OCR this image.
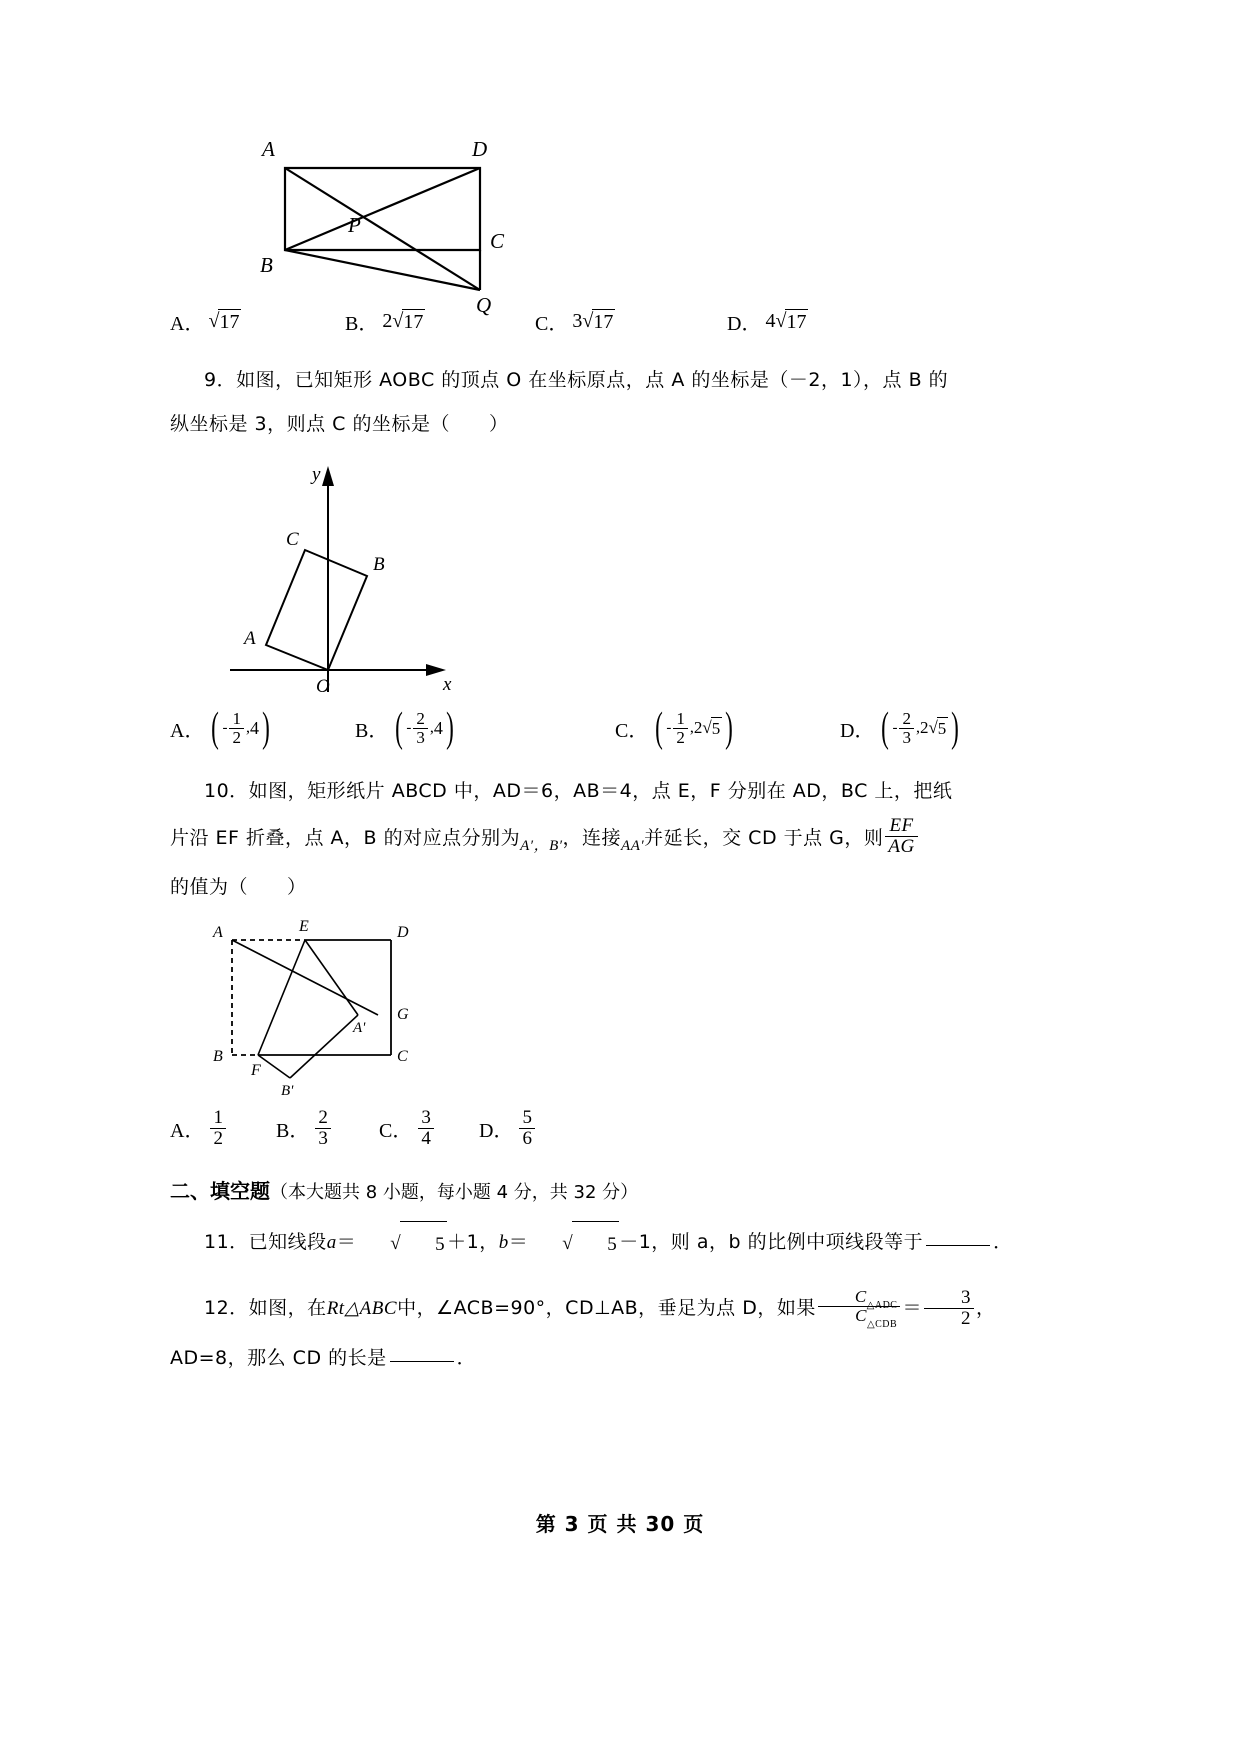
A	D
B
P
C
Q
A． √ 17	B． 2 √ 17	C． 3 √ 17	D． 4 √ 17
9．如图，已知矩形 AOBC 的顶点 O 在坐标原点，点 A 的坐标是（－2，1），点 B 的
纵坐标是 3，则点 C 的坐标是（　　）
y
x
C
B
A
O
A． ( - $\frac{1}{2}$ , 4 )	B． ( - $\frac{2}{3}$ , 4 )	C． ( - $\frac{1}{2}$ , 2 √ 5 )	D． ( - $\frac{2}{3}$ , 2 √ 5 )
10．如图，矩形纸片 ABCD 中，AD＝6，AB＝4，点 E，F 分别在 AD，BC 上，把纸
片沿 EF 折叠，点 A，B 的对应点分别为$_{A',B'}$，连接$_{AA'}$并延长，交 CD 于点 G，则 $\frac{EF}{AG}$
的值为（　　）
A	E	D
A'
G
B
F
B'
C
A． $\frac{1}{2}$	B． $\frac{2}{3}$ C． $\frac{3}{4}$ D． $\frac{5}{6}$
二、填空题（本大题共 8 小题，每小题 4 分，共 32 分）
11．已知线段a＝	√	5 ＋1，b＝	√	5 －1，则 a，b 的比例中项线段等于	．
12．如图，在Rt△ABC中，∠ACB=90°，CD⊥AB，垂足为点 D，如果 $\frac{C_{\triangle ADC}}{C_{\triangle CDB}} = \frac{3}{2}$ ，
AD=8，那么 CD 的长是	．
第 3 页 共 30 页
